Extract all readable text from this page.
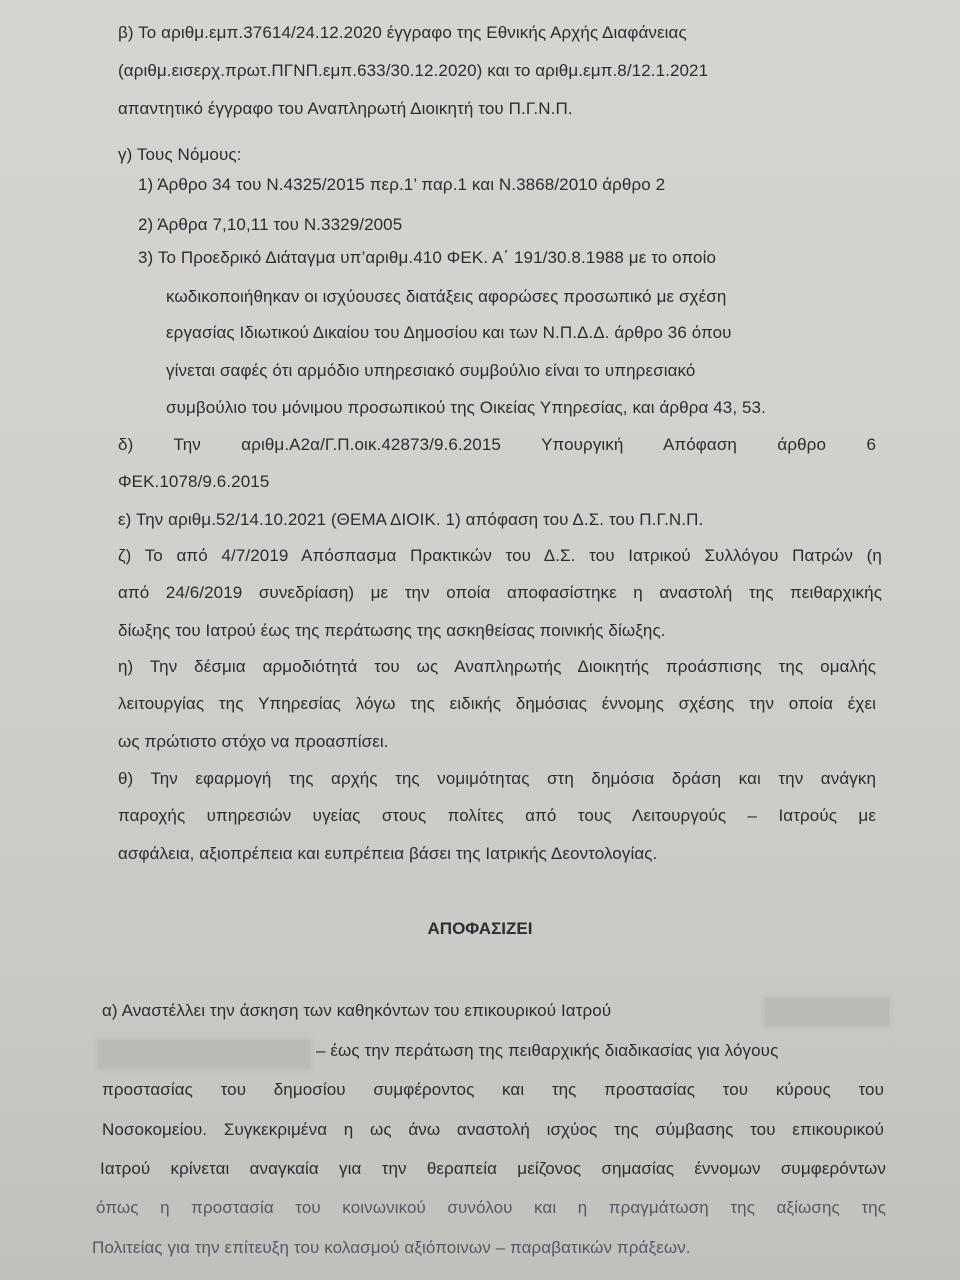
β) Το αριθμ.εμπ.37614/24.12.2020 έγγραφο της Εθνικής Αρχής Διαφάνειας
(αριθμ.εισερχ.πρωτ.ΠΓΝΠ.εμπ.633/30.12.2020) και το αριθμ.εμπ.8/12.1.2021
απαντητικό έγγραφο του Αναπληρωτή Διοικητή του Π.Γ.Ν.Π.
γ) Τους Νόμους:
1) Άρθρο 34 του Ν.4325/2015 περ.1’ παρ.1 και Ν.3868/2010 άρθρο 2
2) Άρθρα 7,10,11 του Ν.3329/2005
3) Το Προεδρικό Διάταγμα υπ’αριθμ.410 ΦΕΚ. Α΄ 191/30.8.1988 με το οποίο
κωδικοποιήθηκαν οι ισχύουσες διατάξεις αφορώσες προσωπικό με σχέση
εργασίας Ιδιωτικού Δικαίου του Δημοσίου και των Ν.Π.Δ.Δ. άρθρο 36 όπου
γίνεται σαφές ότι αρμόδιο υπηρεσιακό συμβούλιο είναι το υπηρεσιακό
συμβούλιο του μόνιμου προσωπικού της Οικείας Υπηρεσίας, και άρθρα 43, 53.
δ) Την αριθμ.Α2α/Γ.Π.οικ.42873/9.6.2015 Υπουργική Απόφαση άρθρο 6
ΦΕΚ.1078/9.6.2015
ε) Την αριθμ.52/14.10.2021 (ΘΕΜΑ ΔΙΟΙΚ. 1) απόφαση του Δ.Σ. του Π.Γ.Ν.Π.
ζ) Το από 4/7/2019 Απόσπασμα Πρακτικών του Δ.Σ. του Ιατρικού Συλλόγου Πατρών (η
από 24/6/2019 συνεδρίαση) με την οποία αποφασίστηκε η αναστολή της πειθαρχικής
δίωξης του Ιατρού έως της περάτωσης της ασκηθείσας ποινικής δίωξης.
η) Την δέσμια αρμοδιότητά του ως Αναπληρωτής Διοικητής προάσπισης της ομαλής
λειτουργίας της Υπηρεσίας λόγω της ειδικής δημόσιας έννομης σχέσης την οποία έχει
ως πρώτιστο στόχο να προασπίσει.
θ) Την εφαρμογή της αρχής της νομιμότητας στη δημόσια δράση και την ανάγκη
παροχής υπηρεσιών υγείας στους πολίτες από τους Λειτουργούς – Ιατρούς με
ασφάλεια, αξιοπρέπεια και ευπρέπεια βάσει της Ιατρικής Δεοντολογίας.
ΑΠΟΦΑΣΙΖΕΙ
α) Αναστέλλει την άσκηση των καθηκόντων του επικουρικού Ιατρού
– έως την περάτωση της πειθαρχικής διαδικασίας για λόγους
προστασίας του δημοσίου συμφέροντος και της προστασίας του κύρους του
Νοσοκομείου. Συγκεκριμένα η ως άνω αναστολή ισχύος της σύμβασης του επικουρικού
Ιατρού κρίνεται αναγκαία για την θεραπεία μείζονος σημασίας έννομων συμφερόντων
όπως η προστασία του κοινωνικού συνόλου και η πραγμάτωση της αξίωσης της
Πολιτείας για την επίτευξη του κολασμού αξιόποινων – παραβατικών πράξεων.
